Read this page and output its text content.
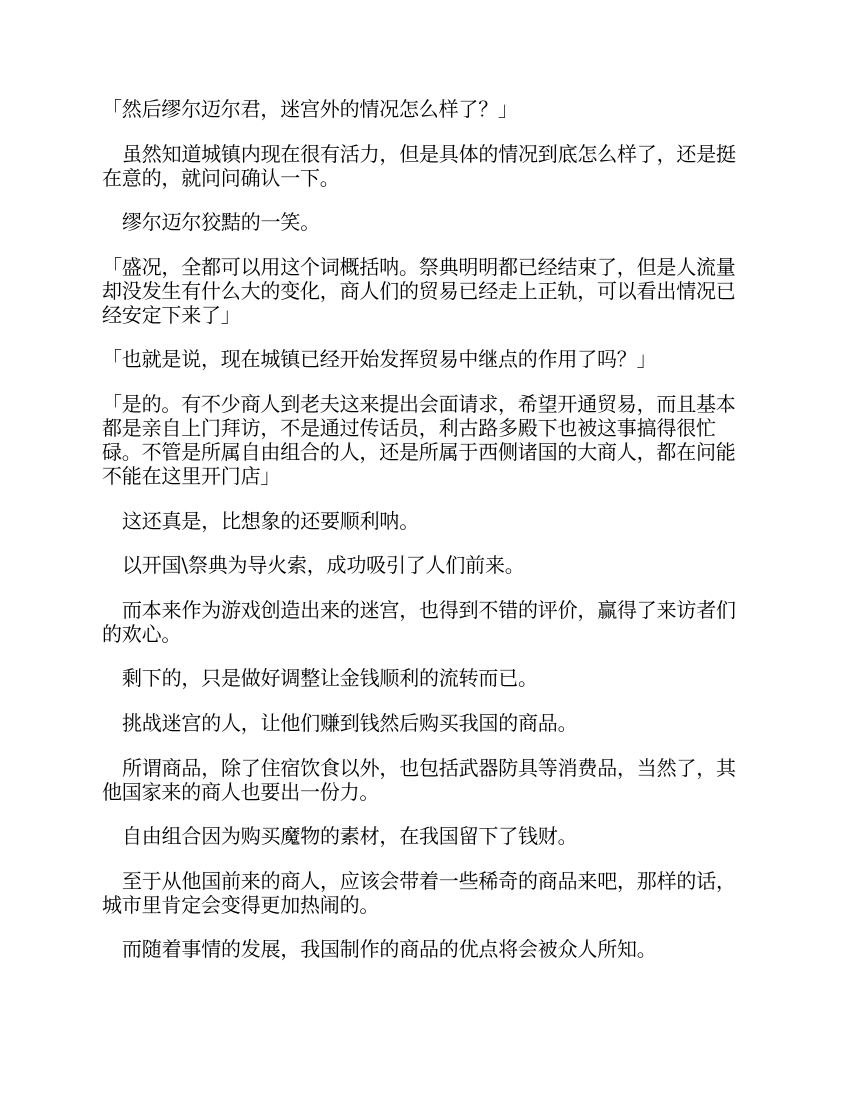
「然后缪尔迈尔君，迷宫外的情况怎么样了？」

虽然知道城镇内现在很有活力，但是具体的情况到底怎么样了，还是挺在意的，就问问确认一下。

缪尔迈尔狡黠的一笑。

「盛况，全都可以用这个词概括呐。祭典明明都已经结束了，但是人流量却没发生有什么大的变化，商人们的贸易已经走上正轨，可以看出情况已经安定下来了」

「也就是说，现在城镇已经开始发挥贸易中继点的作用了吗？」

「是的。有不少商人到老夫这来提出会面请求，希望开通贸易，而且基本都是亲自上门拜访，不是通过传话员，利古路多殿下也被这事搞得很忙碌。不管是所属自由组合的人，还是所属于西侧诸国的大商人，都在问能不能在这里开门店」

这还真是，比想象的还要顺利呐。

以开国\祭典为导火索，成功吸引了人们前来。

而本来作为游戏创造出来的迷宫，也得到不错的评价，赢得了来访者们的欢心。

剩下的，只是做好调整让金钱顺利的流转而已。

挑战迷宫的人，让他们赚到钱然后购买我国的商品。

所谓商品，除了住宿饮食以外，也包括武器防具等消费品，当然了，其他国家来的商人也要出一份力。

自由组合因为购买魔物的素材，在我国留下了钱财。

至于从他国前来的商人，应该会带着一些稀奇的商品来吧，那样的话，城市里肯定会变得更加热闹的。

而随着事情的发展，我国制作的商品的优点将会被众人所知。
